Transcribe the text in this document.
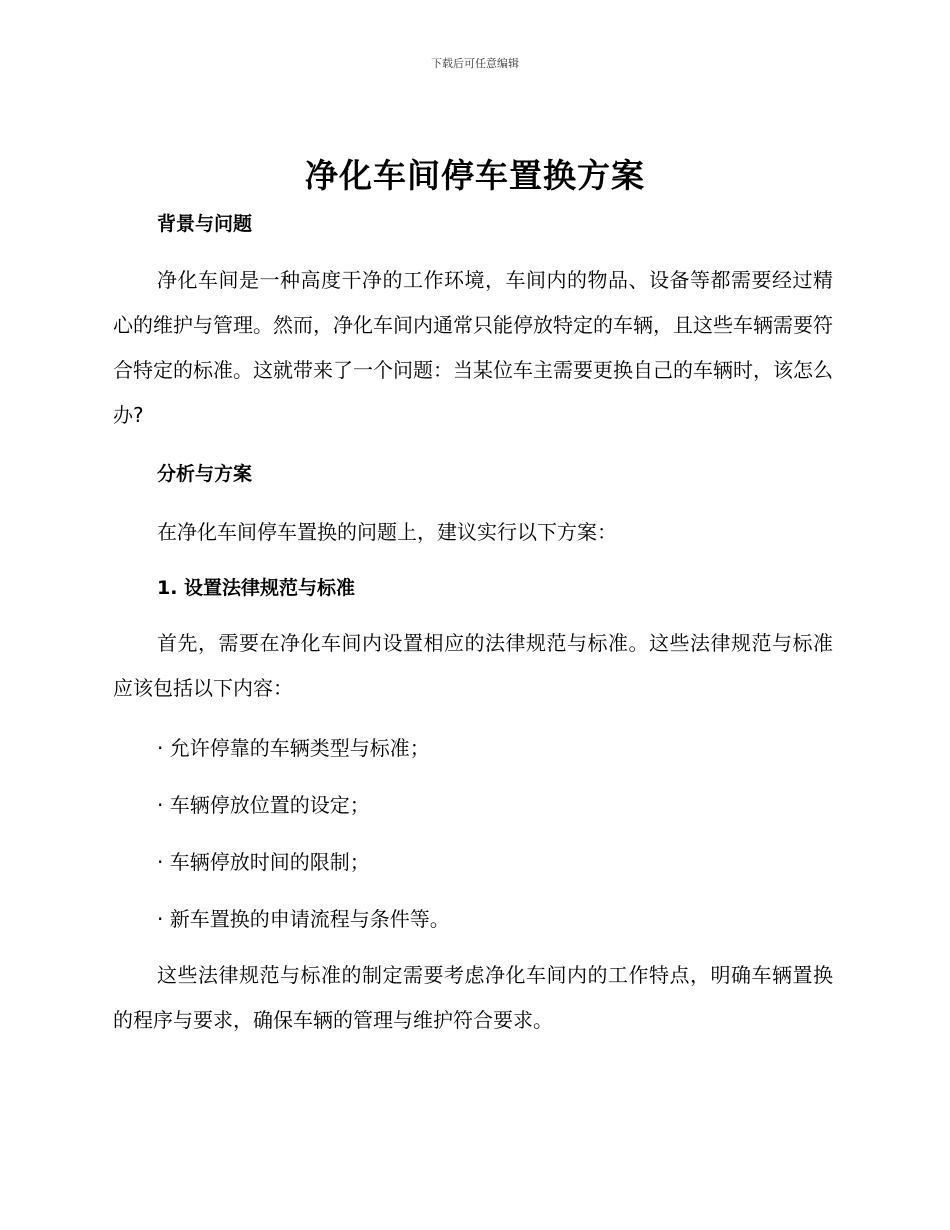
下载后可任意编辑
净化车间停车置换方案
背景与问题
净化车间是一种高度干净的工作环境，车间内的物品、设备等都需要经过精心的维护与管理。然而，净化车间内通常只能停放特定的车辆，且这些车辆需要符合特定的标准。这就带来了一个问题：当某位车主需要更换自己的车辆时，该怎么办?
分析与方案
在净化车间停车置换的问题上，建议实行以下方案：
1. 设置法律规范与标准
首先，需要在净化车间内设置相应的法律规范与标准。这些法律规范与标准应该包括以下内容：
· 允许停靠的车辆类型与标准；
· 车辆停放位置的设定；
· 车辆停放时间的限制；
· 新车置换的申请流程与条件等。
这些法律规范与标准的制定需要考虑净化车间内的工作特点，明确车辆置换的程序与要求，确保车辆的管理与维护符合要求。
